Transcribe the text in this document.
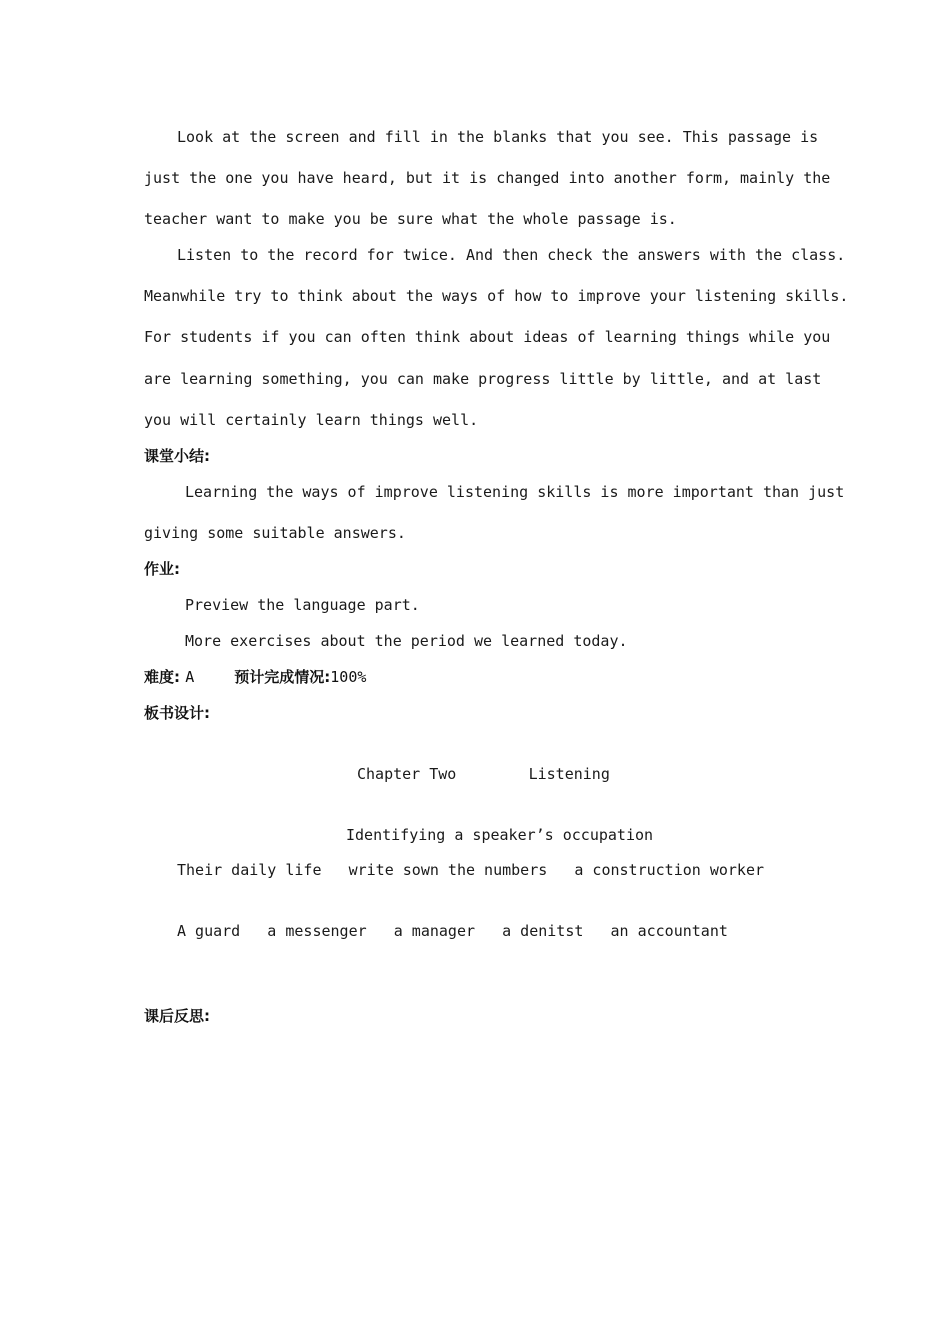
Look at the screen and fill in the blanks that you see. This passage is
just the one you have heard, but it is changed into another form, mainly the
teacher want to make you be sure what the whole passage is.
Listen to the record for twice. And then check the answers with the class.
Meanwhile try to think about the ways of how to improve your listening skills.
For students if you can often think about ideas of learning things while you
are learning something, you can make progress little by little, and at last
you will certainly learn things well.
课堂小结:
Learning the ways of improve listening skills is more important than just
giving some suitable answers.
作业:
Preview the language part.
More exercises about the period we learned today.
难度: A	预计完成情况:100%
板书设计:
Chapter Two        Listening
Identifying a speaker’s occupation
Their daily life   write sown the numbers   a construction worker
A guard   a messenger   a manager   a denitst   an accountant
课后反思:
